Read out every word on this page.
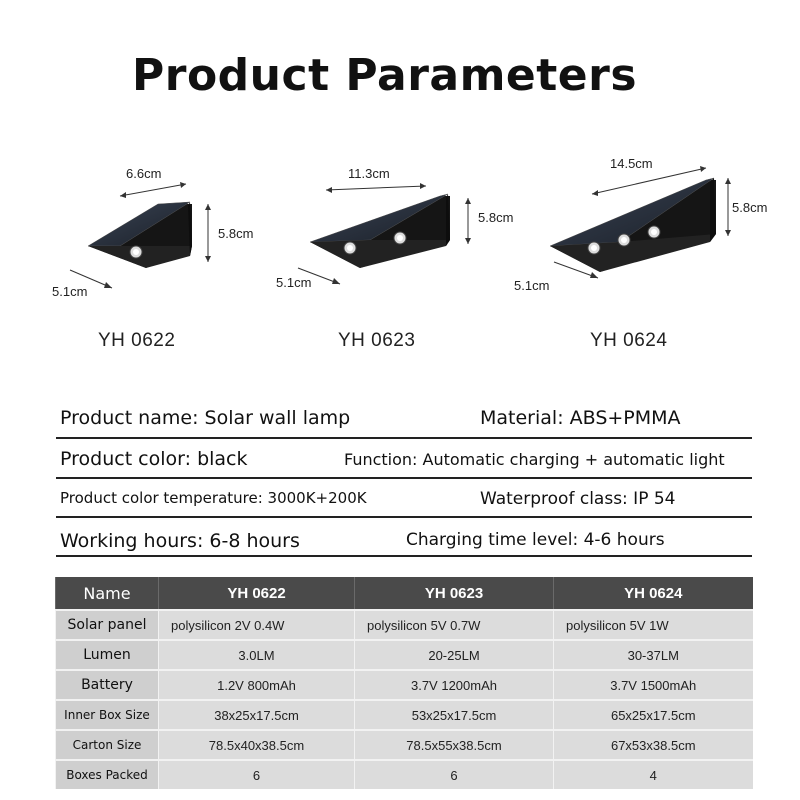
Product Parameters
6.6cm
5.8cm
5.1cm
YH 0622
11.3cm
5.8cm
5.1cm
YH 0623
14.5cm
5.8cm
5.1cm
YH 0624
Product name: Solar wall lamp	Material: ABS+PMMA
Product color: black	Function: Automatic charging + automatic light
Product color temperature: 3000K+200K	Waterproof class: IP 54
Working hours: 6-8 hours	Charging time level: 4-6 hours
Name	YH 0622	YH 0623	YH 0624
Solar panel	polysilicon 2V 0.4W	polysilicon 5V 0.7W	polysilicon 5V 1W
Lumen	3.0LM	20-25LM	30-37LM
Battery	1.2V 800mAh	3.7V 1200mAh	3.7V 1500mAh
Inner Box Size	38x25x17.5cm	53x25x17.5cm	65x25x17.5cm
Carton Size	78.5x40x38.5cm	78.5x55x38.5cm	67x53x38.5cm
Boxes Packed	6	6	4
